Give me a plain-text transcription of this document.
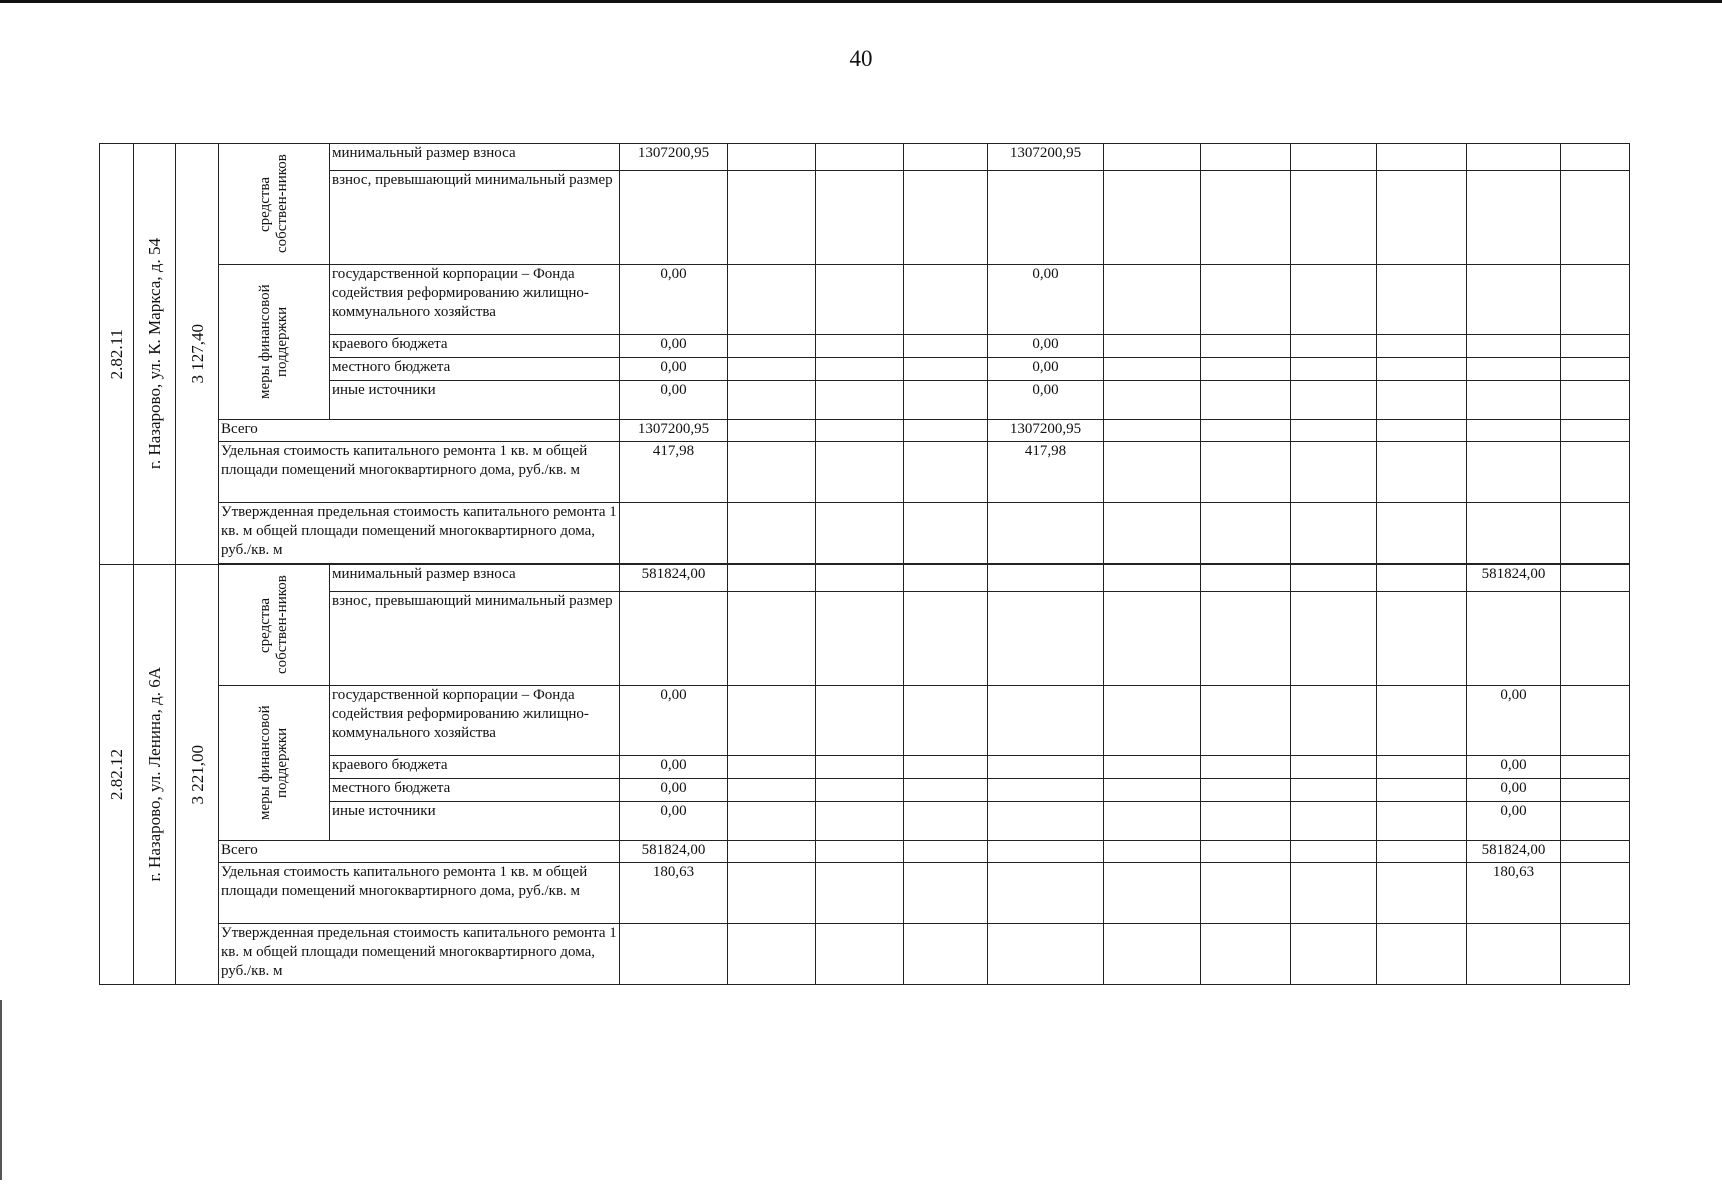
40
2.82.11	г. Назарово, ул. К. Маркса, д. 54	3 127,40	средства собствен-ников	минимальный размер взноса	1307200,95				1307200,95						
				взнос, превышающий минимальный размер											

			меры финансовой поддержки	государственной корпорации – Фонда содействия реформированию жилищно-коммунального хозяйства	0,00				0,00						
				краевого бюджета	0,00				0,00						
				местного бюджета	0,00				0,00						
				иные источники	0,00				0,00						
			Всего		1307200,95				1307200,95						
			Удельная стоимость капитального ремонта 1 кв. м общей площади помещений многоквартирного дома, руб./кв. м		417,98				417,98						
			Утвержденная предельная стоимость капитального ремонта 1 кв. м общей площади помещений многоквартирного дома, руб./кв. м												

2.82.12	г. Назарово, ул. Ленина, д. 6А	3 221,00	средства собствен-ников	минимальный размер взноса	581824,00									581824,00	
				взнос, превышающий минимальный размер											

			меры финансовой поддержки	государственной корпорации – Фонда содействия реформированию жилищно-коммунального хозяйства	0,00									0,00	
				краевого бюджета	0,00									0,00	
				местного бюджета	0,00									0,00	
				иные источники	0,00									0,00	
			Всего		581824,00									581824,00	
			Удельная стоимость капитального ремонта 1 кв. м общей площади помещений многоквартирного дома, руб./кв. м		180,63									180,63	
			Утвержденная предельная стоимость капитального ремонта 1 кв. м общей площади помещений многоквартирного дома, руб./кв. м												
